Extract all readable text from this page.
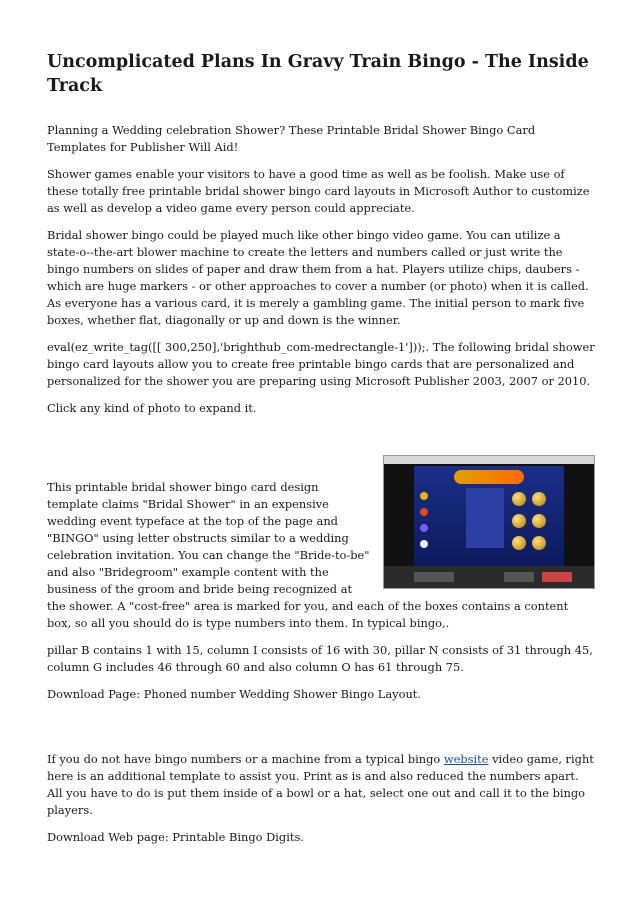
Uncomplicated Plans In Gravy Train Bingo - The Inside Track

Planning a Wedding celebration Shower? These Printable Bridal Shower Bingo Card Templates for Publisher Will Aid!

Shower games enable your visitors to have a good time as well as be foolish. Make use of these totally free printable bridal shower bingo card layouts in Microsoft Author to customize as well as develop a video game every person could appreciate.

Bridal shower bingo could be played much like other bingo video game. You can utilize a state-o--the-art blower machine to create the letters and numbers called or just write the bingo numbers on slides of paper and draw them from a hat. Players utilize chips, daubers - which are huge markers - or other approaches to cover a number (or photo) when it is called. As everyone has a various card, it is merely a gambling game. The initial person to mark five boxes, whether flat, diagonally or up and down is the winner.

eval(ez_write_tag([[ 300,250],'brighthub_com-medrectangle-1']));. The following bridal shower bingo card layouts allow you to create free printable bingo cards that are personalized and personalized for the shower you are preparing using Microsoft Publisher 2003, 2007 or 2010.

Click any kind of photo to expand it.

This printable bridal shower bingo card design template claims "Bridal Shower" in an expensive wedding event typeface at the top of the page and "BINGO" using letter obstructs similar to a wedding celebration invitation. You can change the "Bride-to-be" and also "Bridegroom" example content with the business of the groom and bride being recognized at the shower. A "cost-free" area is marked for you, and each of the boxes contains a content box, so all you should do is type numbers into them. In typical bingo,.

pillar B contains 1 with 15, column I consists of 16 with 30, pillar N consists of 31 through 45, column G includes 46 through 60 and also column O has 61 through 75.

Download Page: Phoned number Wedding Shower Bingo Layout.

If you do not have bingo numbers or a machine from a typical bingo website video game, right here is an additional template to assist you. Print as is and also reduced the numbers apart. All you have to do is put them inside of a bowl or a hat, select one out and call it to the bingo players.

Download Web page: Printable Bingo Digits.
